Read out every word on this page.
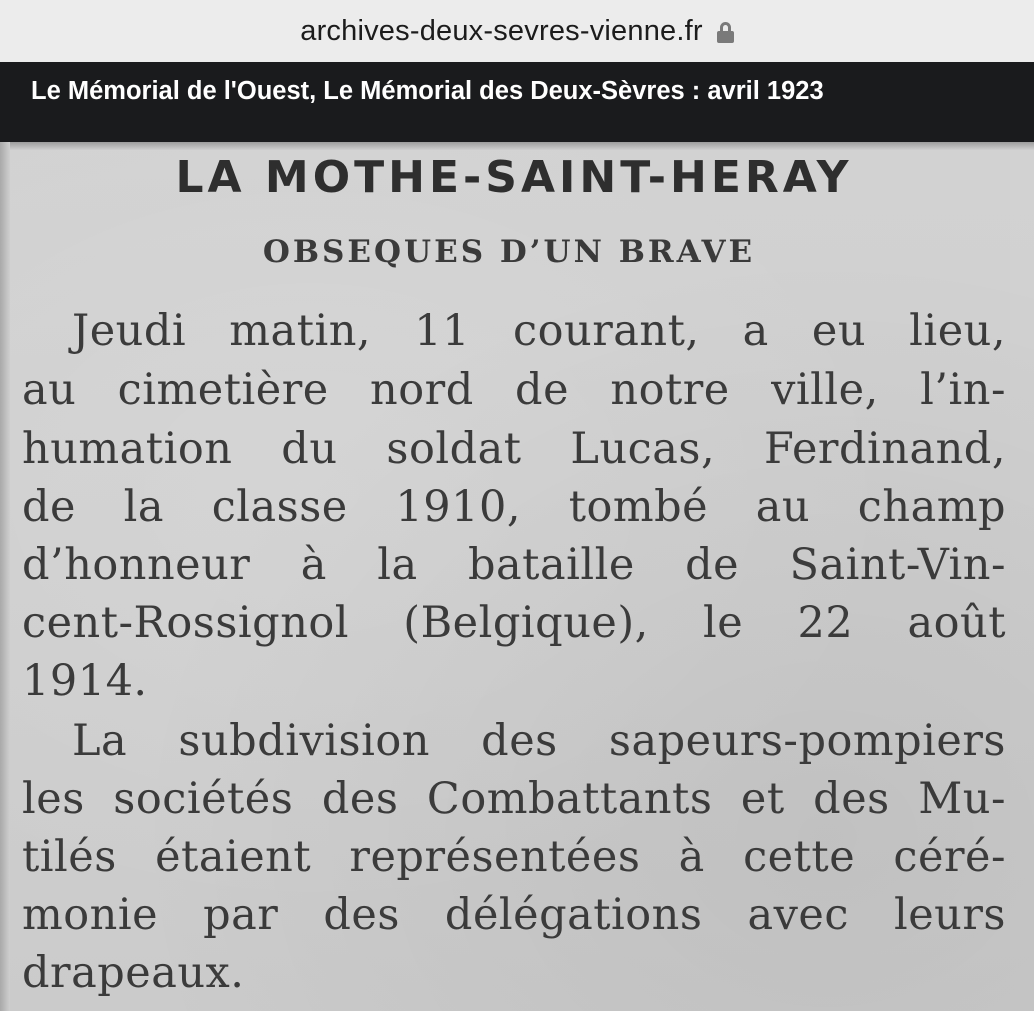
archives-deux-sevres-vienne.fr
Le Mémorial de l'Ouest, Le Mémorial des Deux-Sèvres : avril 1923
LA MOTHE-SAINT-HERAY
OBSEQUES D’UN BRAVE
Jeudi matin, 11 courant, a eu lieu,
au cimetière nord de notre ville, l’in-
humation du soldat Lucas, Ferdinand,
de la classe 1910, tombé au champ
d’honneur à la bataille de Saint-Vin-
cent-Rossignol (Belgique), le 22 août
1914.
La subdivision des sapeurs-pompiers
les sociétés des Combattants et des Mu-
tilés étaient représentées à cette céré-
monie par des délégations avec leurs
drapeaux.
